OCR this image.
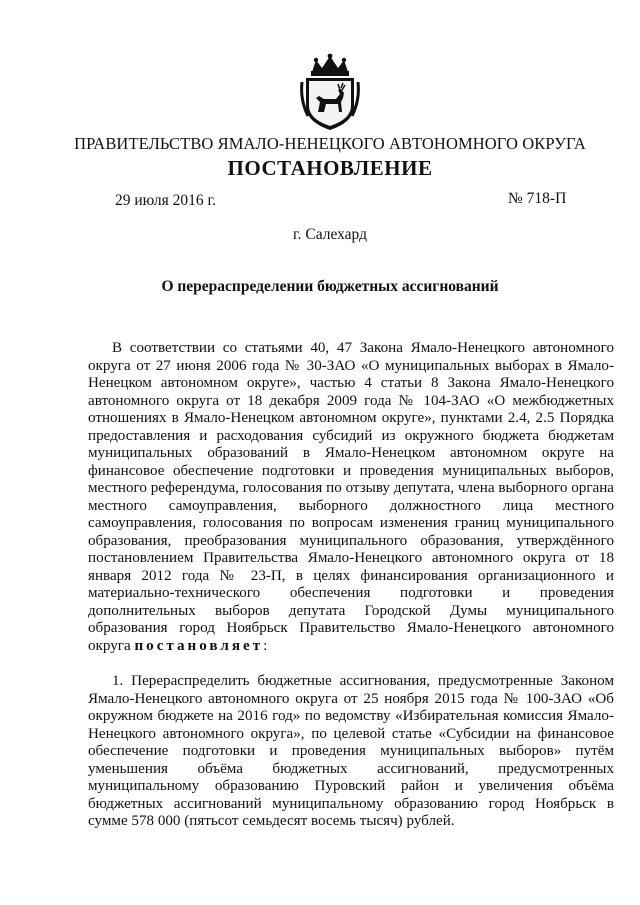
ПРАВИТЕЛЬСТВО ЯМАЛО-НЕНЕЦКОГО АВТОНОМНОГО ОКРУГА
ПОСТАНОВЛЕНИЕ
29 июля 2016 г.	№ 718-П
г. Салехард
О перераспределении бюджетных ассигнований

В соответствии со статьями 40, 47 Закона Ямало-Ненецкого автономного округа от 27 июня 2006 года № 30-ЗАО «О муниципальных выборах в Ямало-Ненецком автономном округе», частью 4 статьи 8 Закона Ямало-Ненецкого автономного округа от 18 декабря 2009 года № 104-ЗАО «О межбюджетных отношениях в Ямало-Ненецком автономном округе», пунктами 2.4, 2.5 Порядка предоставления и расходования субсидий из окружного бюджета бюджетам муниципальных образований в Ямало-Ненецком автономном округе на финансовое обеспечение подготовки и проведения муниципальных выборов, местного референдума, голосования по отзыву депутата, члена выборного органа местного самоуправления, выборного должностного лица местного самоуправления, голосования по вопросам изменения границ муниципального образования, преобразования муниципального образования, утверждённого постановлением Правительства Ямало-Ненецкого автономного округа от 18 января 2012 года № 23-П, в целях финансирования организационного и материально-технического обеспечения подготовки и проведения дополнительных выборов депутата Городской Думы муниципального образования город Ноябрьск Правительство Ямало-Ненецкого автономного округа постановляет:

1. Перераспределить бюджетные ассигнования, предусмотренные Законом Ямало-Ненецкого автономного округа от 25 ноября 2015 года № 100-ЗАО «Об окружном бюджете на 2016 год» по ведомству «Избирательная комиссия Ямало-Ненецкого автономного округа», по целевой статье «Субсидии на финансовое обеспечение подготовки и проведения муниципальных выборов» путём уменьшения объёма бюджетных ассигнований, предусмотренных муниципальному образованию Пуровский район и увеличения объёма бюджетных ассигнований муниципальному образованию город Ноябрьск в сумме 578 000 (пятьсот семьдесят восемь тысяч) рублей.
